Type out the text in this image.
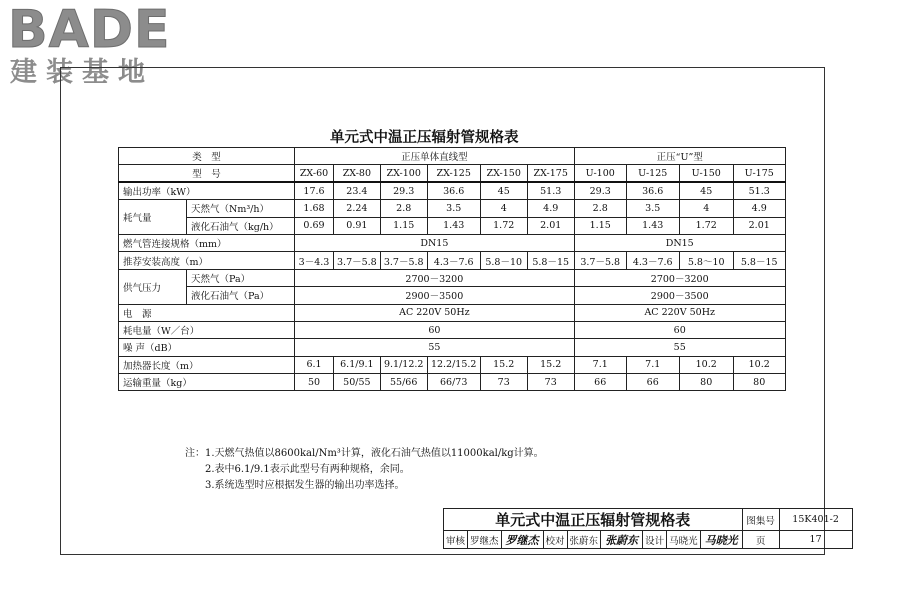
BADE
建装基地
单元式中温正压辐射管规格表
类　型		正压单体直线型						正压“U”型			
型　号		ZX-60	ZX-80	ZX-100	ZX-125	ZX-150	ZX-175	U-100	U-125	U-150	U-175
输出功率（kW）		17.6	23.4	29.3	36.6	45	51.3	29.3	36.6	45	51.3
耗气量	天然气（Nm³/h）	1.68	2.24	2.8	3.5	4	4.9	2.8	3.5	4	4.9
	液化石油气（kg/h）	0.69	0.91	1.15	1.43	1.72	2.01	1.15	1.43	1.72	2.01
燃气管连接规格（mm）		DN15						DN15			
推荐安装高度（m）		3－4.3	3.7－5.8	3.7－5.8	4.3－7.6	5.8－10	5.8－15	3.7－5.8	4.3－7.6	5.8～10	5.8－15
供气压力	天然气（Pa）	2700－3200						2700－3200			
	液化石油气（Pa）	2900－3500						2900－3500			
电　源		AC 220V 50Hz						AC 220V 50Hz			
耗电量（W／台）		60						60			
噪 声（dB）		55						55			
加热器长度（m）		6.1	6.1/9.1	9.1/12.2	12.2/15.2	15.2	15.2	7.1	7.1	10.2	10.2
运输重量（kg）		50	50/55	55/66	66/73	73	73	66	66	80	80
注： 1.天燃气热值以8600kal/Nm³计算，液化石油气热值以11000kal/kg计算。
2.表中6.1/9.1表示此型号有两种规格，余同。
3.系统选型时应根据发生器的输出功率选择。
单元式中温正压辐射管规格表									图集号	15K401-2
审核	罗继杰	罗继杰	校对	张蔚东	张蔚东	设计	马晓光	马晓光	页	17
